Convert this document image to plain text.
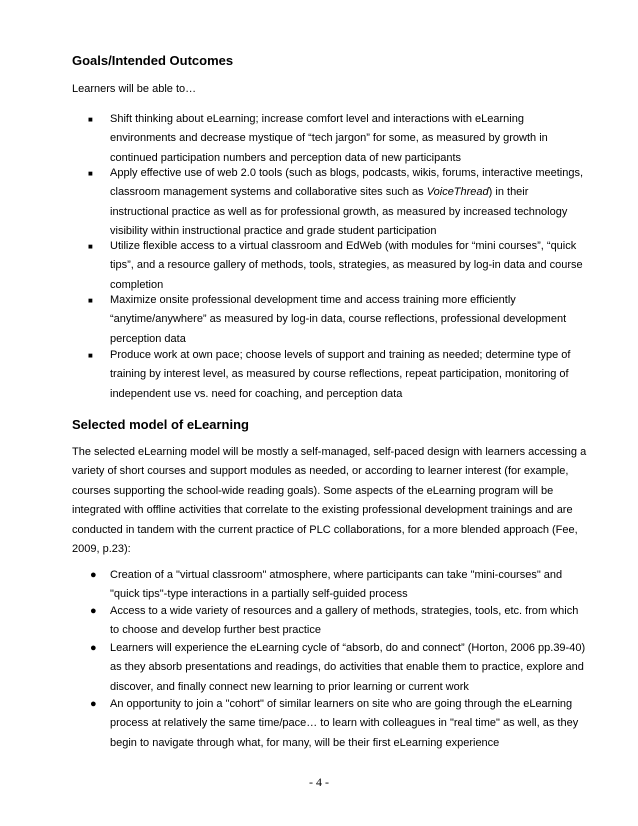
Goals/Intended Outcomes

Learners will be able to…

■ Shift thinking about eLearning; increase comfort level and interactions with eLearning
environments and decrease mystique of “tech jargon” for some, as measured by growth in
continued participation numbers and perception data of new participants
■ Apply effective use of web 2.0 tools (such as blogs, podcasts, wikis, forums, interactive meetings,
classroom management systems and collaborative sites such as VoiceThread) in their
instructional practice as well as for professional growth, as measured by increased technology
visibility within instructional practice and grade student participation
■ Utilize flexible access to a virtual classroom and EdWeb (with modules for “mini courses”, “quick
tips”, and a resource gallery of methods, tools, strategies, as measured by log-in data and course
completion
■ Maximize onsite professional development time and access training more efficiently
“anytime/anywhere” as measured by log-in data, course reflections, professional development
perception data
■ Produce work at own pace; choose levels of support and training as needed; determine type of
training by interest level, as measured by course reflections, repeat participation, monitoring of
independent use vs. need for coaching, and perception data
Selected model of eLearning
The selected eLearning model will be mostly a self-managed, self-paced design with learners accessing a
variety of short courses and support modules as needed, or according to learner interest (for example,
courses supporting the school-wide reading goals). Some aspects of the eLearning program will be
integrated with offline activities that correlate to the existing professional development trainings and are
conducted in tandem with the current practice of PLC collaborations, for a more blended approach (Fee,
2009, p.23):
● Creation of a "virtual classroom" atmosphere, where participants can take "mini-courses" and
"quick tips"-type interactions in a partially self-guided process
● Access to a wide variety of resources and a gallery of methods, strategies, tools, etc. from which
to choose and develop further best practice
● Learners will experience the eLearning cycle of “absorb, do and connect” (Horton, 2006 pp.39-40)
as they absorb presentations and readings, do activities that enable them to practice, explore and
discover, and finally connect new learning to prior learning or current work
● An opportunity to join a "cohort" of similar learners on site who are going through the eLearning
process at relatively the same time/pace… to learn with colleagues in "real time" as well, as they
begin to navigate through what, for many, will be their first eLearning experience
- 4 -
